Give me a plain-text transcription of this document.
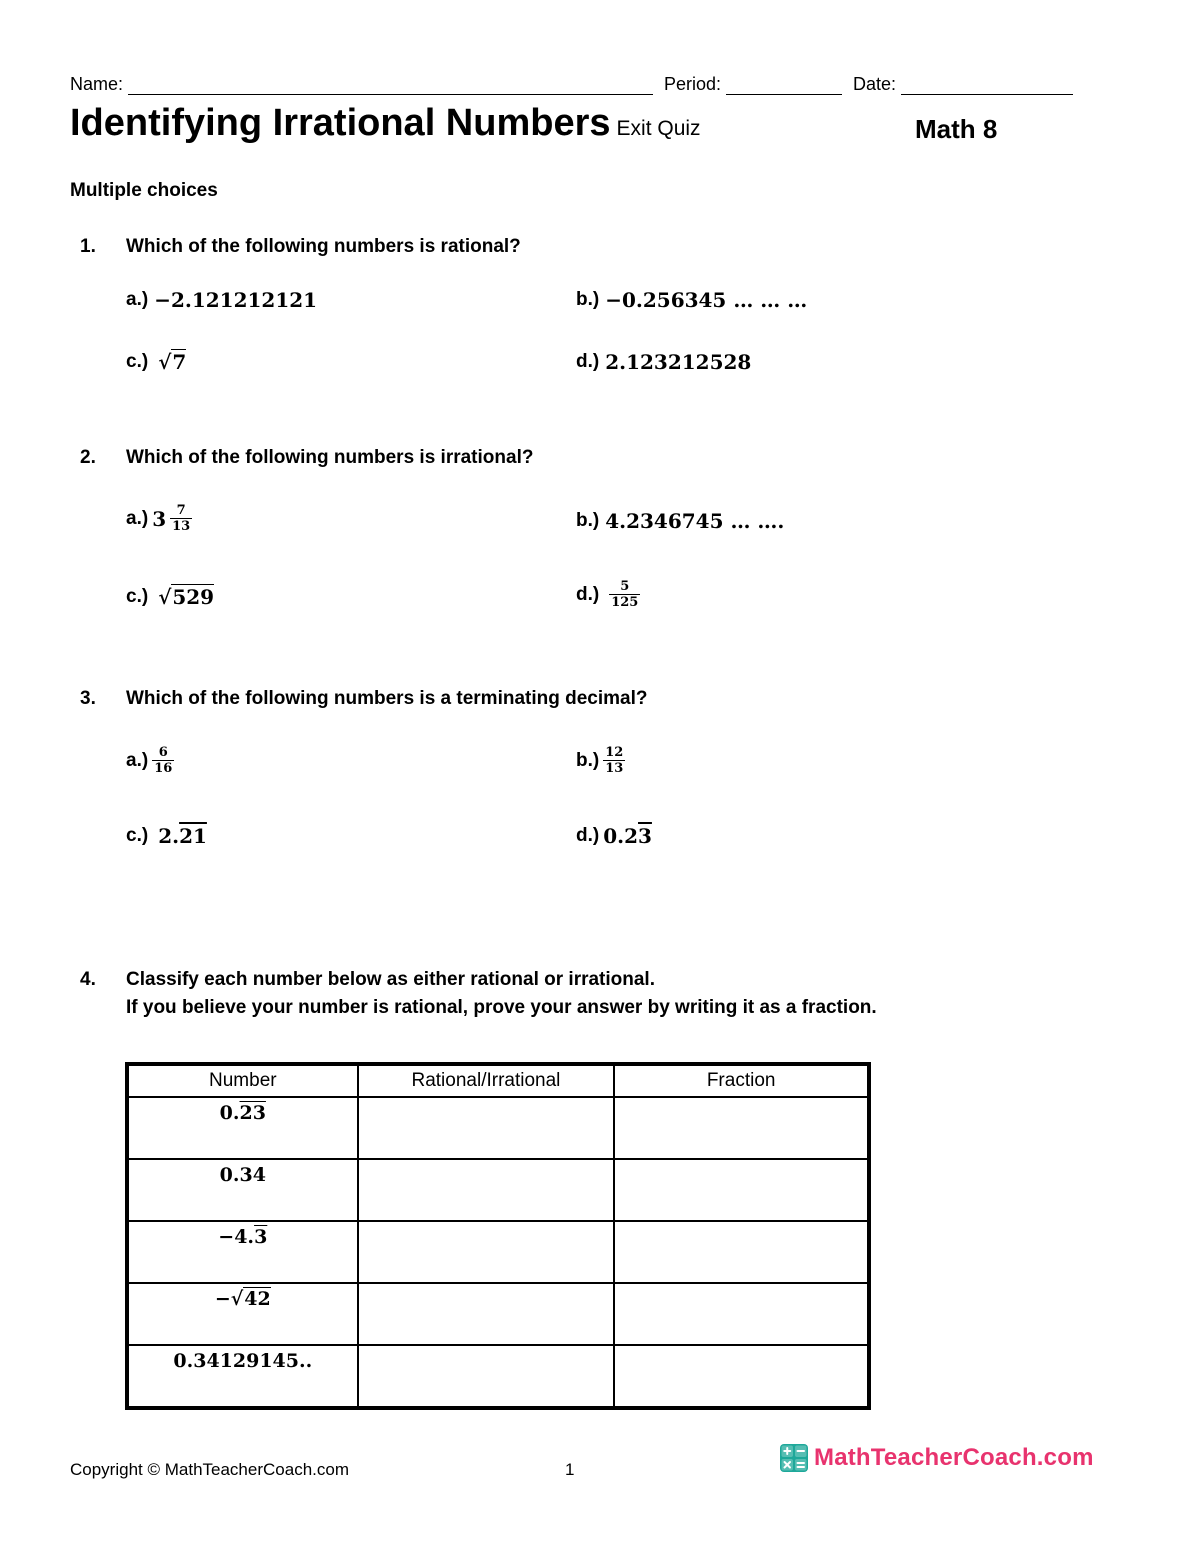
Name:	Period:	Date:
Identifying Irrational Numbers Exit Quiz	Math 8
Multiple choices
1. Which of the following numbers is rational?
a.) −2.121212121	b.) −0.256345 … … …
c.) √7	d.) 2.123212528
2. Which of the following numbers is irrational?
a.) $3 \frac{7}{13}$	b.) 4.2346745 … ….
c.) √529	$d.) \frac{5}{125}$
3. Which of the following numbers is a terminating decimal?
$a.) \frac{6}{16}$	$b.) \frac{12}{13}$
c.) 2.21	d.) 0.23
4. Classify each number below as either rational or irrational.
If you believe your number is rational, prove your answer by writing it as a fraction.
Number	Rational/Irrational	Fraction
0.23		
0.34		
−4.3		
−√42		
0.34129145..		
Copyright © MathTeacherCoach.com	1	MathTeacherCoach.com
